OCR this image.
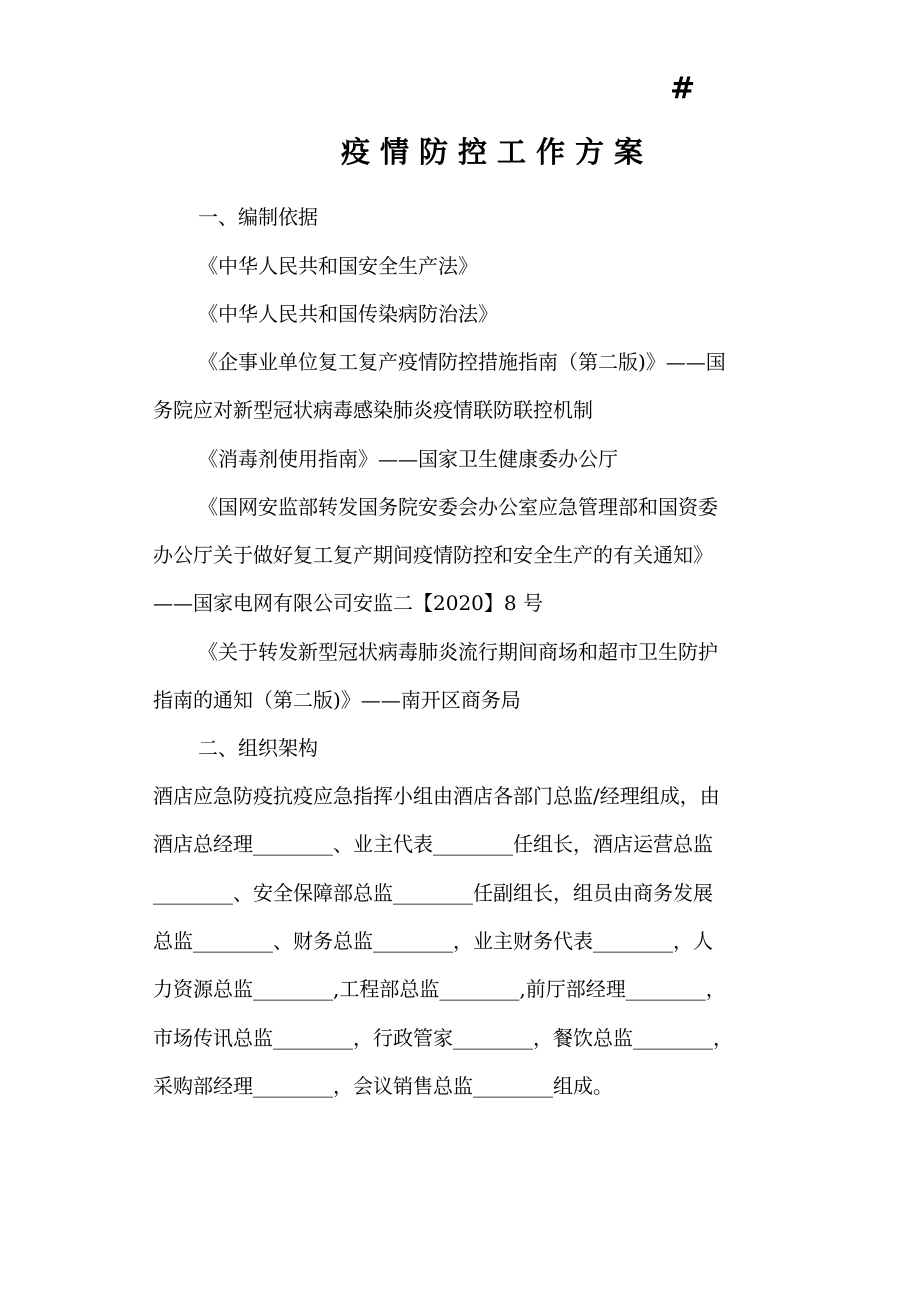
#
疫情防控工作方案
一、编制依据
《中华人民共和国安全生产法》
《中华人民共和国传染病防治法》
《企事业单位复工复产疫情防控措施指南（第二版)》——国
务院应对新型冠状病毒感染肺炎疫情联防联控机制
《消毒剂使用指南》——国家卫生健康委办公厅
《国网安监部转发国务院安委会办公室应急管理部和国资委
办公厅关于做好复工复产期间疫情防控和安全生产的有关通知》
——国家电网有限公司安监二【2020】8 号
《关于转发新型冠状病毒肺炎流行期间商场和超市卫生防护
指南的通知（第二版)》——南开区商务局
二、组织架构
酒店应急防疫抗疫应急指挥小组由酒店各部门总监/经理组成，由
酒店总经理________、业主代表________任组长，酒店运营总监
________、安全保障部总监________任副组长，组员由商务发展
总监________、财务总监________，业主财务代表________，人
力资源总监________,工程部总监________,前厅部经理________，
市场传讯总监________，行政管家________，餐饮总监________，
采购部经理________，会议销售总监________组成。
